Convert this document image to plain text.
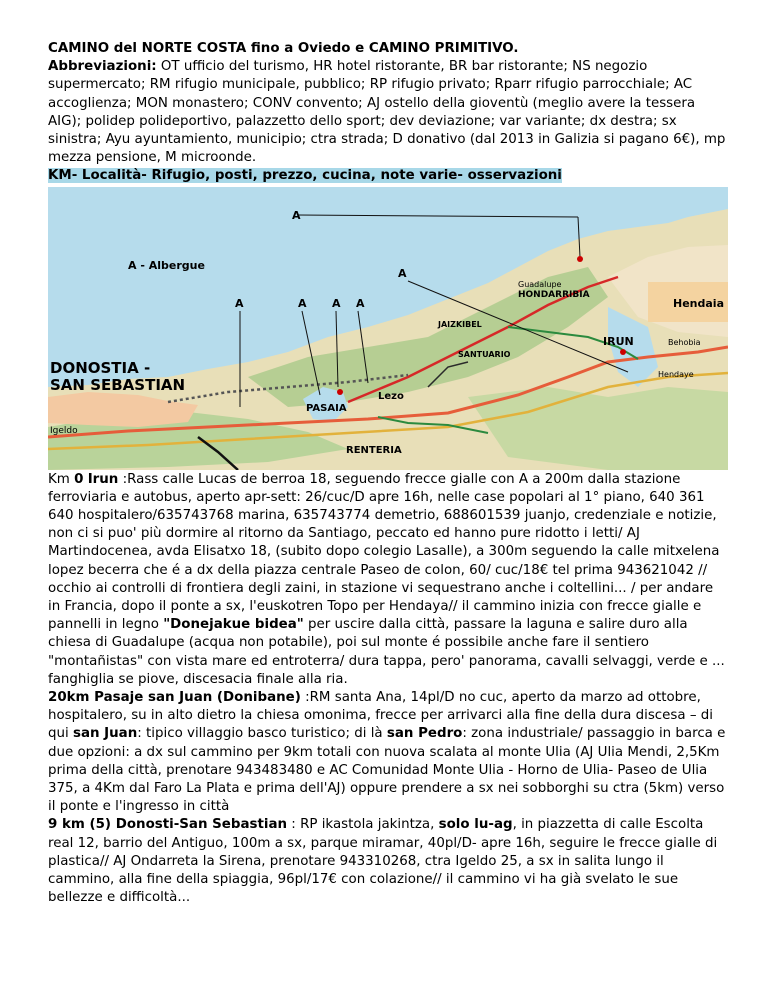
CAMINO del NORTE COSTA fino a Oviedo e CAMINO PRIMITIVO.

Abbreviazioni: OT ufficio del turismo, HR hotel ristorante, BR bar ristorante; NS negozio supermercato; RM rifugio municipale, pubblico; RP rifugio privato; Rparr rifugio parrocchiale; AC accoglienza; MON monastero; CONV convento; AJ ostello della gioventù (meglio avere la tessera AIG); polidep polideportivo, palazzetto dello sport; dev deviazione; var variante; dx destra; sx sinistra; Ayu ayuntamiento, municipio; ctra strada; D donativo (dal 2013 in Galizia si pagano 6€), mp mezza pensione, M microonde.

KM- Località- Rifugio, posti, prezzo, cucina, note varie- osservazioni

A - Albergue
A
A	A A A
A
DONOSTIA -
SAN SEBASTIAN
HONDARRIBIA
Hendaia
IRUN
PASAIA
Lezo
RENTERIA
JAIZKIBEL
SANTUARIO
Igeldo
Behobia
Hendaye
Guadalupe

Km 0 Irun :Rass calle Lucas de berroa 18, seguendo frecce gialle con A a 200m dalla stazione ferroviaria e autobus, aperto apr-sett: 26/cuc/D apre 16h, nelle case popolari al 1° piano, 640 361 640 hospitalero/635743768 marina, 635743774 demetrio, 688601539 juanjo, credenziale e notizie, non ci si puo' più dormire al ritorno da Santiago, peccato ed hanno pure ridotto i letti/ AJ Martindocenea, avda Elisatxo 18, (subito dopo colegio Lasalle), a 300m seguendo la calle mitxelena lopez becerra che é a dx della piazza centrale Paseo de colon, 60/ cuc/18€ tel prima 943621042 // occhio ai controlli di frontiera degli zaini, in stazione vi sequestrano anche i coltellini... / per andare in Francia, dopo il ponte a sx, l'euskotren Topo per Hendaya// il cammino inizia con frecce gialle e pannelli in legno "Donejakue bidea" per uscire dalla città, passare la laguna e salire duro alla chiesa di Guadalupe (acqua non potabile), poi sul monte é possibile anche fare il sentiero "montañistas" con vista mare ed entroterra/ dura tappa, pero' panorama, cavalli selvaggi, verde e ... fanghiglia se piove, discesacia finale alla ria.

20km Pasaje san Juan (Donibane) :RM santa Ana, 14pl/D no cuc, aperto da marzo ad ottobre, hospitalero, su in alto dietro la chiesa omonima, frecce per arrivarci alla fine della dura discesa – di qui san Juan: tipico villaggio basco turistico; di là san Pedro: zona industriale/ passaggio in barca e due opzioni: a dx sul cammino per 9km totali con nuova scalata al monte Ulia (AJ Ulia Mendi, 2,5Km prima della città, prenotare 943483480 e AC Comunidad Monte Ulia - Horno de Ulia- Paseo de Ulia 375, a 4Km dal Faro La Plata e prima dell'AJ) oppure prendere a sx nei sobborghi su ctra (5km) verso il ponte e l'ingresso in città

9 km (5) Donosti-San Sebastian : RP ikastola jakintza, solo lu-ag, in piazzetta di calle Escolta real 12, barrio del Antiguo, 100m a sx, parque miramar, 40pl/D- apre 16h, seguire le frecce gialle di plastica// AJ Ondarreta la Sirena, prenotare 943310268, ctra Igeldo 25, a sx in salita lungo il cammino, alla fine della spiaggia, 96pl/17€ con colazione// il cammino vi ha già svelato le sue bellezze e difficoltà...
